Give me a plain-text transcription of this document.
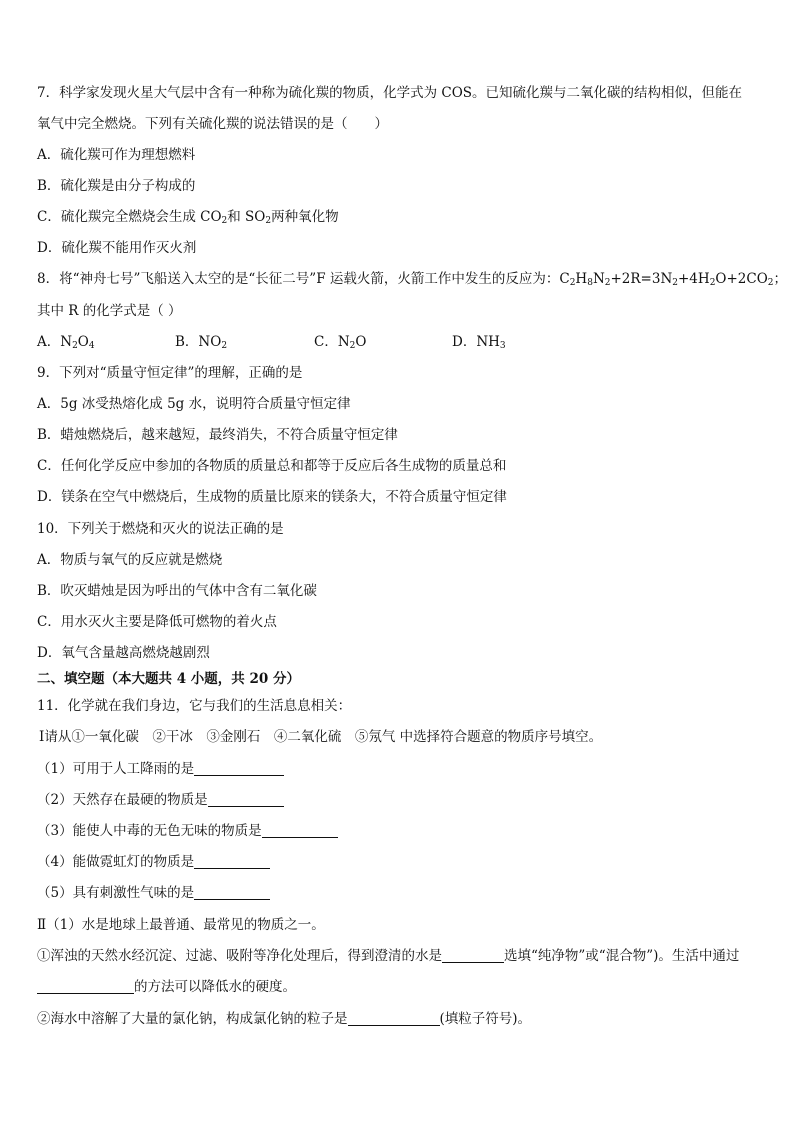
7．科学家发现火星大气层中含有一种称为硫化羰的物质，化学式为 COS。已知硫化羰与二氧化碳的结构相似，但能在
氧气中完全燃烧。下列有关硫化羰的说法错误的是（　　）
A．硫化羰可作为理想燃料
B．硫化羰是由分子构成的
C．硫化羰完全燃烧会生成 $CO_2$和 $SO_2$两种氧化物
D．硫化羰不能用作灭火剂
8．将“神舟七号”飞船送入太空的是“长征二号”F 运载火箭，火箭工作中发生的反应为：$C_2H_8N_2+2R=3N_2+4H_2O+2CO_2$；
其中 R 的化学式是（ ）
A．$N_2O_4$	B．$NO_2$	C．$N_2O$	D．$NH_3$
9．下列对“质量守恒定律”的理解，正确的是
A．5g 冰受热熔化成 5g 水，说明符合质量守恒定律
B．蜡烛燃烧后，越来越短，最终消失，不符合质量守恒定律
C．任何化学反应中参加的各物质的质量总和都等于反应后各生成物的质量总和
D．镁条在空气中燃烧后，生成物的质量比原来的镁条大，不符合质量守恒定律
10．下列关于燃烧和灭火的说法正确的是
A．物质与氧气的反应就是燃烧
B．吹灭蜡烛是因为呼出的气体中含有二氧化碳
C．用水灭火主要是降低可燃物的着火点
D．氧气含量越高燃烧越剧烈
二、填空题（本大题共 4 小题，共 20 分）
11．化学就在我们身边，它与我们的生活息息相关：
Ⅰ请从①一氧化碳　②干冰　③金刚石　④二氧化硫　⑤氖气 中选择符合题意的物质序号填空。
（1）可用于人工降雨的是
（2）天然存在最硬的物质是
（3）能使人中毒的无色无味的物质是
（4）能做霓虹灯的物质是
（5）具有刺激性气味的是
Ⅱ（1）水是地球上最普通、最常见的物质之一。
①浑浊的天然水经沉淀、过滤、吸附等净化处理后，得到澄清的水是	选填“纯净物”或“混合物”)。生活中通过
的方法可以降低水的硬度。
②海水中溶解了大量的氯化钠，构成氯化钠的粒子是	(填粒子符号)。
